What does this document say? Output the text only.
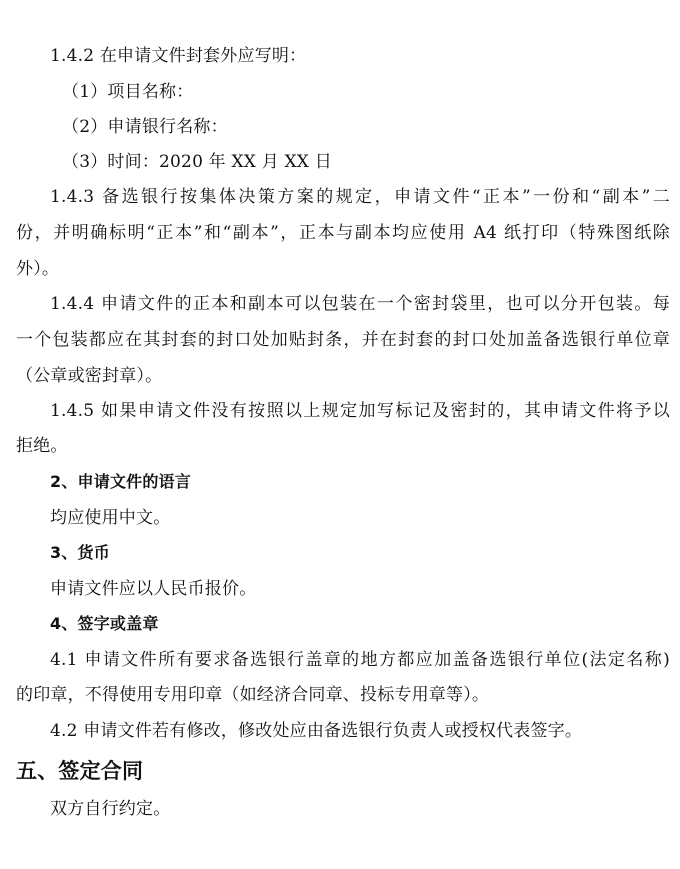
1.4.2 在申请文件封套外应写明：
（1）项目名称：
（2）申请银行名称：
（3）时间：2020 年 XX 月 XX 日
1.4.3 备选银行按集体决策方案的规定，申请文件“正本”一份和“副本”二
份，并明确标明“正本”和“副本”，正本与副本均应使用 A4 纸打印（特殊图纸除
外）。
1.4.4 申请文件的正本和副本可以包装在一个密封袋里，也可以分开包装。每
一个包装都应在其封套的封口处加贴封条，并在封套的封口处加盖备选银行单位章
（公章或密封章）。
1.4.5 如果申请文件没有按照以上规定加写标记及密封的，其申请文件将予以
拒绝。
2、申请文件的语言
均应使用中文。
3、货币
申请文件应以人民币报价。
4、签字或盖章
4.1 申请文件所有要求备选银行盖章的地方都应加盖备选银行单位(法定名称)
的印章，不得使用专用印章（如经济合同章、投标专用章等）。
4.2 申请文件若有修改，修改处应由备选银行负责人或授权代表签字。
五、签定合同
双方自行约定。
